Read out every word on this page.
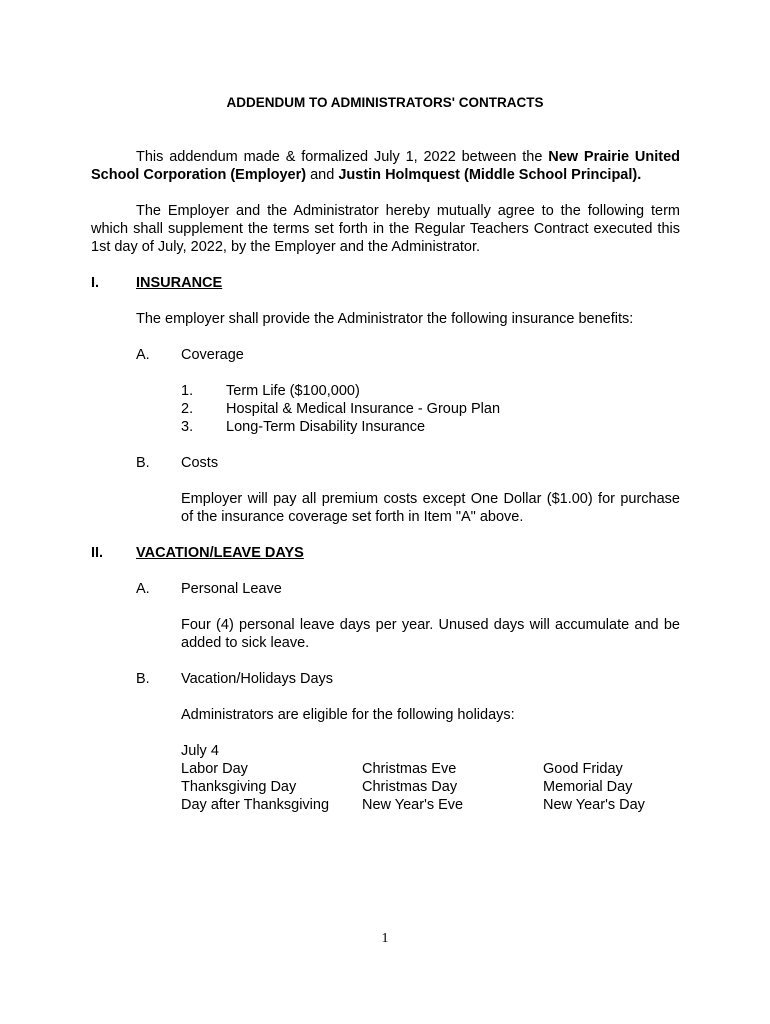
ADDENDUM TO ADMINISTRATORS' CONTRACTS
This addendum made & formalized July 1, 2022 between the New Prairie United School Corporation (Employer) and Justin Holmquest (Middle School Principal).
The Employer and the Administrator hereby mutually agree to the following term which shall supplement the terms set forth in the Regular Teachers Contract executed this 1st day of July, 2022, by the Employer and the Administrator.
I.	INSURANCE
The employer shall provide the Administrator the following insurance benefits:
A. Coverage
1. Term Life ($100,000)
2. Hospital & Medical Insurance - Group Plan
3. Long-Term Disability Insurance
B. Costs
Employer will pay all premium costs except One Dollar ($1.00) for purchase of the insurance coverage set forth in Item "A" above.
II. VACATION/LEAVE DAYS
A. Personal Leave
Four (4) personal leave days per year. Unused days will accumulate and be added to sick leave.
B. Vacation/Holidays Days
Administrators are eligible for the following holidays:
July 4
Labor Day
Thanksgiving Day
Day after Thanksgiving
Christmas Eve
Christmas Day
New Year's Eve
Good Friday
Memorial Day
New Year's Day
1
